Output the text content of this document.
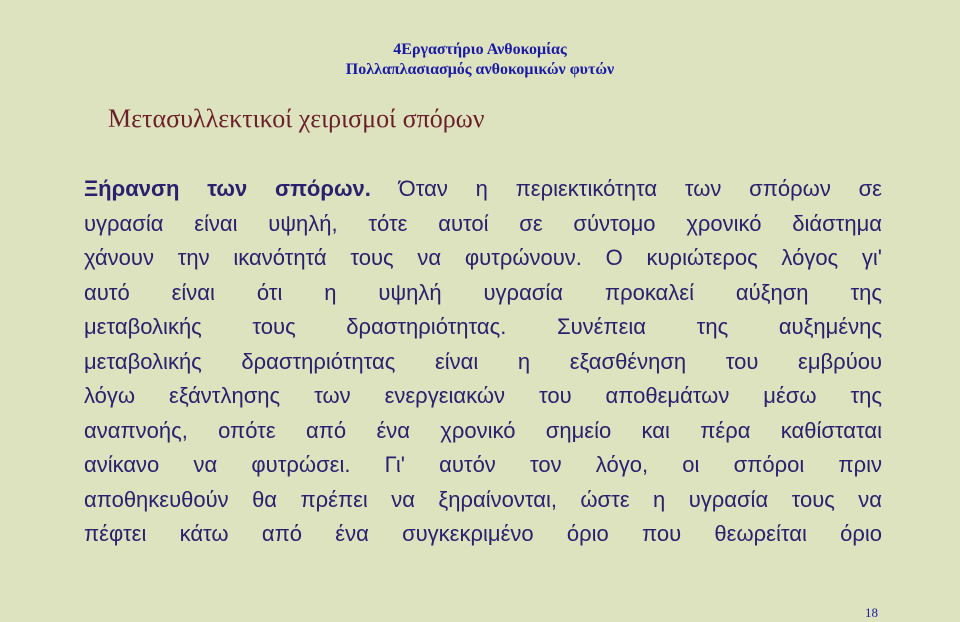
4Εργαστήριο Ανθοκομίας
Πολλαπλασιασμός ανθοκομικών φυτών
Μετασυλλεκτικοί χειρισμοί σπόρων
Ξήρανση των σπόρων. Όταν η περιεκτικότητα των σπόρων σε
υγρασία είναι υψηλή, τότε αυτοί σε σύντομο χρονικό διάστημα
χάνουν την ικανότητά τους να φυτρώνουν. Ο κυριώτερος λόγος γι'
αυτό είναι ότι η υψηλή υγρασία προκαλεί αύξηση της
μεταβολικής τους δραστηριότητας. Συνέπεια της αυξημένης
μεταβολικής δραστηριότητας είναι η εξασθένηση του εμβρύου
λόγω εξάντλησης των ενεργειακών του αποθεμάτων μέσω της
αναπνοής, οπότε από ένα χρονικό σημείο και πέρα καθίσταται
ανίκανο να φυτρώσει. Γι' αυτόν τον λόγο, οι σπόροι πριν
αποθηκευθούν θα πρέπει να ξηραίνονται, ώστε η υγρασία τους να
πέφτει κάτω από ένα συγκεκριμένο όριο που θεωρείται όριο
18
